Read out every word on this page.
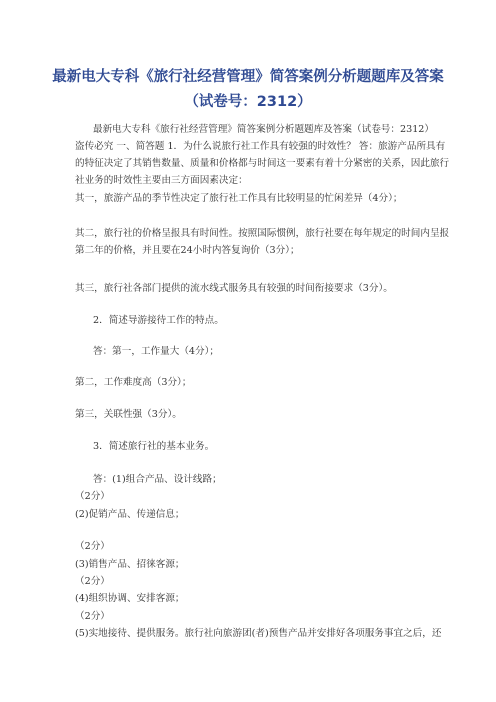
最新电大专科《旅行社经营管理》简答案例分析题题库及答案
（试卷号：2312）
最新电大专科《旅行社经营管理》简答案例分析题题库及答案（试卷号：2312）
盗传必究 一、简答题 1．为什么说旅行社工作具有较强的时效性？ 答：旅游产品所具有
的特征决定了其销售数量、质量和价格都与时间这一要素有着十分紧密的关系，因此旅行
社业务的时效性主要由三方面因素决定：
其一，旅游产品的季节性决定了旅行社工作具有比较明显的忙闲差异（4分）；
其二，旅行社的价格呈报具有时间性。按照国际惯例，旅行社要在每年规定的时间内呈报
第二年的价格，并且要在24小时内答复询价（3分）；
其三，旅行社各部门提供的流水线式服务具有较强的时间衔接要求（3分）。
2．简述导游接待工作的特点。
答：第一，工作量大（4分）；
第二，工作难度高（3分）；
第三，关联性强（3分）。
3．简述旅行社的基本业务。
答：(1)组合产品、设计线路；
（2分）
(2)促销产品、传递信息；
（2分）
(3)销售产品、招徕客源；
（2分）
(4)组织协调、安排客源；
（2分）
(5)实地接待、提供服务。旅行社向旅游团(者)预售产品并安排好各项服务事宜之后，还
